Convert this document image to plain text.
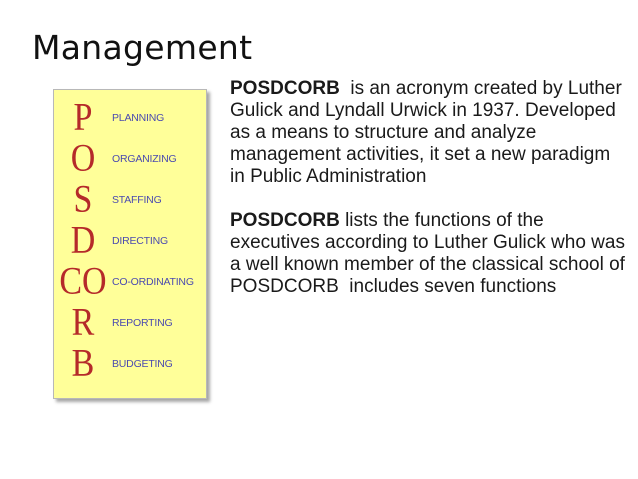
Management
P	PLANNING
O	ORGANIZING
S	STAFFING
D	DIRECTING
CO CO-ORDINATING
R	REPORTING
B	BUDGETING

POSDCORB  is an acronym created by Luther Gulick and Lyndall Urwick in 1937. Developed as a means to structure and analyze management activities, it set a new paradigm in Public Administration

POSDCORB lists the functions of the executives according to Luther Gulick who was a well known member of the classical school of POSDCORB  includes seven functions
